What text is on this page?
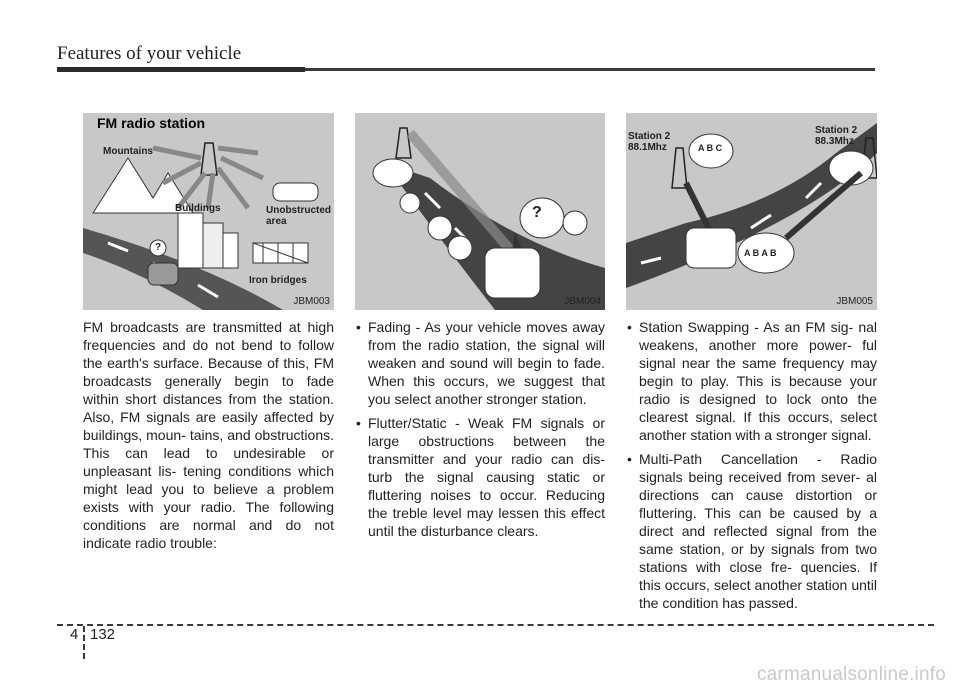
Features of your vehicle
FM radio station
Mountains
Buildings	Unobstructed
area
Iron bridges
?
JBM003
?
JBM004
Station 2
88.1Mhz
Station 2
88.3Mhz
A B C
A B A B
JBM005

FM broadcasts are transmitted at high frequencies and do not bend to follow the earth's surface. Because of this, FM broadcasts generally begin to fade within short distances from the station. Also, FM signals are easily affected by buildings, moun- tains, and obstructions. This can lead to undesirable or unpleasant lis- tening conditions which might lead you to believe a problem exists with your radio. The following conditions are normal and do not indicate radio trouble:

• Fading - As your vehicle moves away from the radio station, the signal will weaken and sound will begin to fade. When this occurs, we suggest that you select another stronger station.
• Flutter/Static - Weak FM signals or large obstructions between the transmitter and your radio can dis- turb the signal causing static or fluttering noises to occur. Reducing the treble level may lessen this effect until the disturbance clears.
• Station Swapping - As an FM sig- nal weakens, another more power- ful signal near the same frequency may begin to play. This is because your radio is designed to lock onto the clearest signal. If this occurs, select another station with a stronger signal.
• Multi-Path Cancellation - Radio signals being received from sever- al directions can cause distortion or fluttering. This can be caused by a direct and reflected signal from the same station, or by signals from two stations with close fre- quencies. If this occurs, select another station until the condition has passed.
4 132
carmanualsonline.info
